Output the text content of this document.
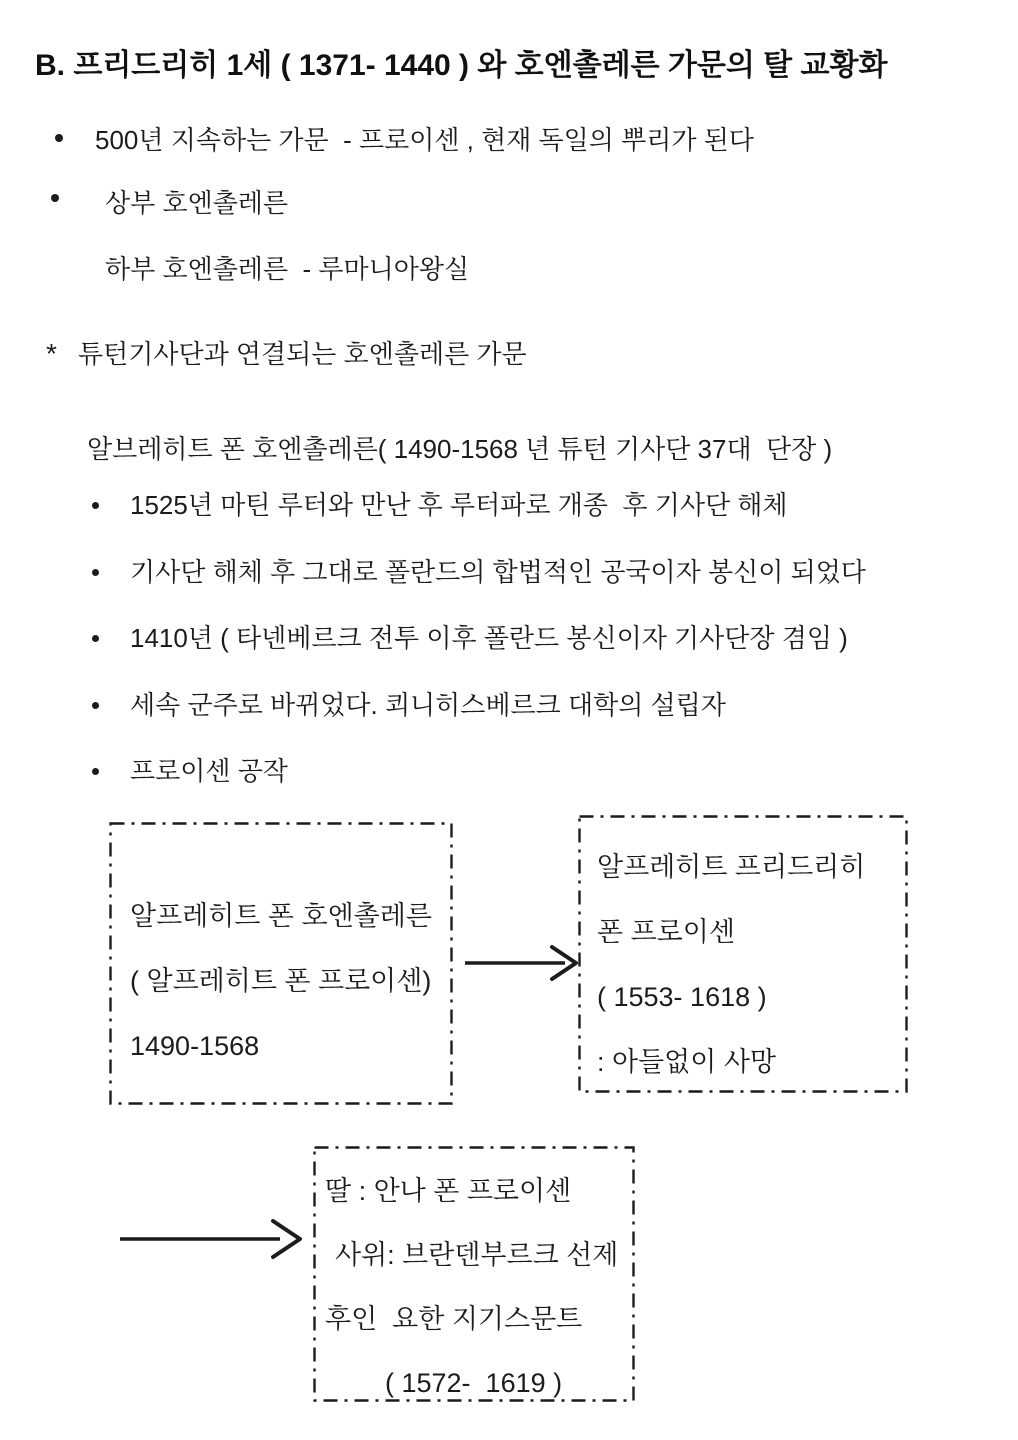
B. 프리드리히 1세 ( 1371- 1440 ) 와 호엔촐레른 가문의 탈 교황화
500년 지속하는 가문  - 프로이센 , 현재 독일의 뿌리가 된다
상부 호엔촐레른
하부 호엔촐레른  - 루마니아왕실
* 튜턴기사단과 연결되는 호엔촐레른 가문
알브레히트 폰 호엔촐레른( 1490-1568 년 튜턴 기사단 37대  단장 )
1525년 마틴 루터와 만난 후 루터파로 개종  후 기사단 해체
기사단 해체 후 그대로 폴란드의 합법적인 공국이자 봉신이 되었다
1410년 ( 타넨베르크 전투 이후 폴란드 봉신이자 기사단장 겸임 )
세속 군주로 바뀌었다. 쾨니히스베르크 대학의 설립자
프로이센 공작
알프레히트 폰 호엔촐레른
( 알프레히트 폰 프로이센)
1490-1568
알프레히트 프리드리히
폰 프로이센
( 1553- 1618 )
: 아들없이 사망
딸 : 안나 폰 프로이센
사위: 브란덴부르크 선제
후인  요한 지기스문트
( 1572-  1619 )
